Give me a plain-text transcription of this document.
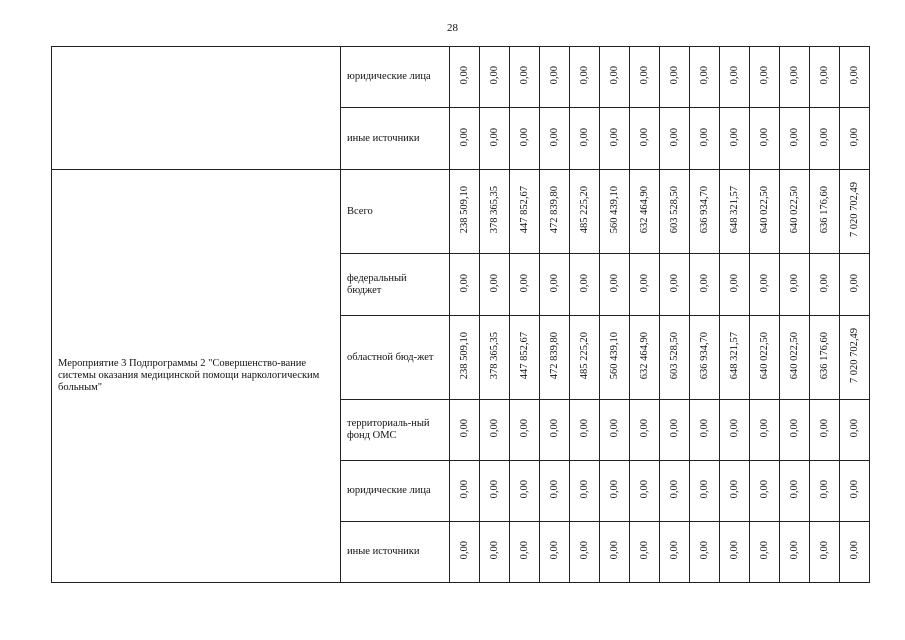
28
	юридические лица	0,00	0,00	0,00	0,00	0,00	0,00	0,00	0,00	0,00	0,00	0,00	0,00	0,00	0,00
	иные источники	0,00	0,00	0,00	0,00	0,00	0,00	0,00	0,00	0,00	0,00	0,00	0,00	0,00	0,00
Мероприятие 3 Подпрограммы 2 "Совершенство-вание системы оказания медицинской помощи наркологическим больным"	Всего	238 509,10	378 365,35	447 852,67	472 839,80	485 225,20	560 439,10	632 464,90	603 528,50	636 934,70	648 321,57	640 022,50	640 022,50	636 176,60	7 020 702,49
	федеральный бюджет	0,00	0,00	0,00	0,00	0,00	0,00	0,00	0,00	0,00	0,00	0,00	0,00	0,00	0,00
	областной бюд-жет	238 509,10	378 365,35	447 852,67	472 839,80	485 225,20	560 439,10	632 464,90	603 528,50	636 934,70	648 321,57	640 022,50	640 022,50	636 176,60	7 020 702,49
	территориаль-ный фонд ОМС	0,00	0,00	0,00	0,00	0,00	0,00	0,00	0,00	0,00	0,00	0,00	0,00	0,00	0,00
	юридические лица	0,00	0,00	0,00	0,00	0,00	0,00	0,00	0,00	0,00	0,00	0,00	0,00	0,00	0,00
	иные источники	0,00	0,00	0,00	0,00	0,00	0,00	0,00	0,00	0,00	0,00	0,00	0,00	0,00	0,00
